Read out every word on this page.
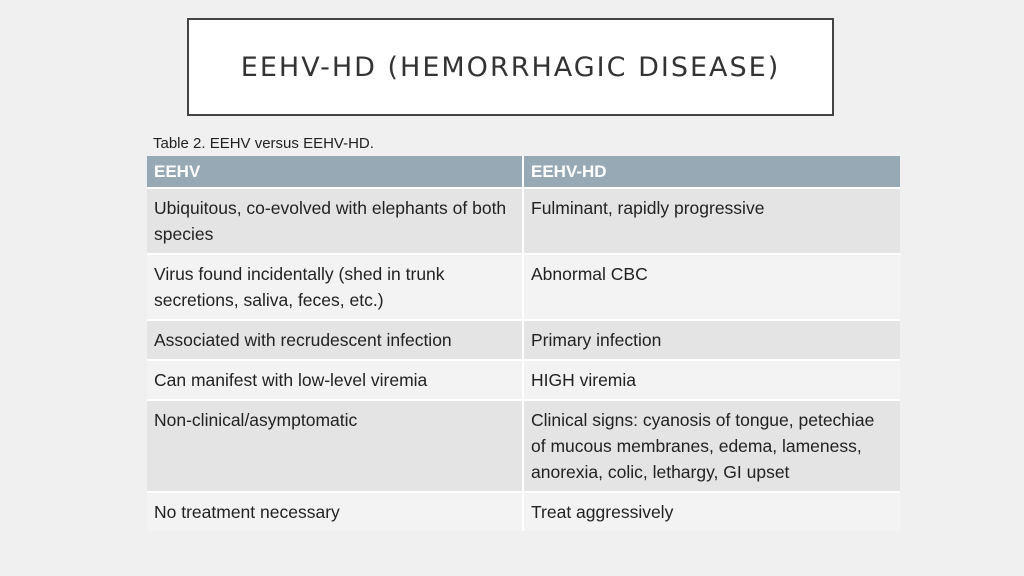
EEHV-HD (HEMORRHAGIC DISEASE)
Table 2. EEHV versus EEHV-HD.
EEHV	EEHV-HD
Ubiquitous, co-evolved with elephants of both species	Fulminant, rapidly progressive
Virus found incidentally (shed in trunk secretions, saliva, feces, etc.)	Abnormal CBC
Associated with recrudescent infection	Primary infection
Can manifest with low-level viremia	HIGH viremia
Non-clinical/asymptomatic	Clinical signs: cyanosis of tongue, petechiae of mucous membranes, edema, lameness, anorexia, colic, lethargy, GI upset
No treatment necessary	Treat aggressively
